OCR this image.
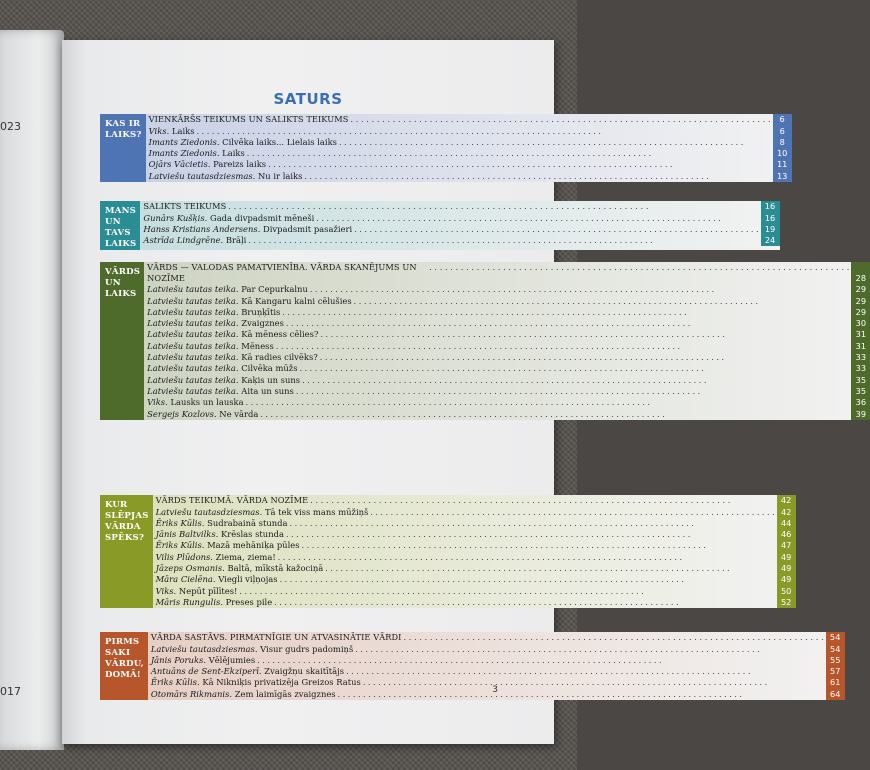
023
017
SATURS
KAS IR LAIKS?
VIENKĀRŠS TEIKUMS UN SALIKTS TEIKUMS . . .	6
Viks. Laiks . . .	6
Imants Ziedonis. Cilvēka laiks... Lielais laiks . . .	8
Imants Ziedonis. Laiks . . .	10
Ojārs Vācietis. Pareizs laiks . . .	11
Latviešu tautasdziesmas. Nu ir laiks . . .	13
MANS UN TAVS LAIKS
SALIKTS TEIKUMS . . .	16
Gunārs Kušķis. Gada divpadsmit mēneši . . .	16
Hanss Kristians Andersens. Divpadsmit pasažieri . . .	19
Astrīda Lindgrēne. Brāļi . . .	24
VĀRDS UN LAIKS
VĀRDS — VALODAS PAMATVIENĪBA. VĀRDA SKANĒJUMS UN NOZĪME
. . .	28
Latviešu tautas teika. Par Cepurkalnu . . .	29
Latviešu tautas teika. Kā Kangaru kalni cēlušies . . .	29
Latviešu tautas teika. Bruņķītis . . .	29
Latviešu tautas teika. Zvaigznes . . .	30
Latviešu tautas teika. Kā mēness cēlies? . . .	31
Latviešu tautas teika. Mēness . . .	31
Latviešu tautas teika. Kā radies cilvēks? . . .	33
Latviešu tautas teika. Cilvēka mūžs . . .	33
Latviešu tautas teika. Kaķis un suns . . .	35
Latviešu tautas teika. Aita un suns . . .	35
Viks. Lausks un lauska . . .	36
Sergejs Kozlovs. Ne vārda . . .	39
KUR SLĒPJAS VĀRDA SPĒKS?
VĀRDS TEIKUMĀ. VĀRDA NOZĪME . . .	42
Latviešu tautasdziesmas. Tā tek viss mans mūžiņš . . .	42
Ēriks Kūlis. Sudrabainā stunda . . .	44
Jānis Baltvilks. Krēslas stunda . . .	46
Ēriks Kūlis. Mazā mehāniķa pūles . . .	47
Vilis Plūdons. Ziema, ziema! . . .	49
Jāzeps Osmanis. Baltā, mīkstā kažociņā . . .	49
Māra Cielēna. Viegli viļņojas . . .	49
Viks. Nepūt pīlītes! . . .	50
Māris Rungulis. Preses pile . . .	52
PIRMS SAKI VĀRDU, DOMĀ!
VĀRDA SASTĀVS. PIRMATNĪGIE UN ATVASINĀTIE VĀRDI . . .	54
Latviešu tautasdziesmas. Visur gudrs padomiņš . . .	54
Jānis Poruks. Vēlējumies . . .	55
Antuāns de Sent-Ekziperī. Zvaigžņu skaitītājs . . .	57
Ēriks Kūlis. Kā Nikniķis privatizēja Greizos Ratus . . .	61
Otomārs Rikmanis. Zem laimīgās zvaigznes . . .	64
3
